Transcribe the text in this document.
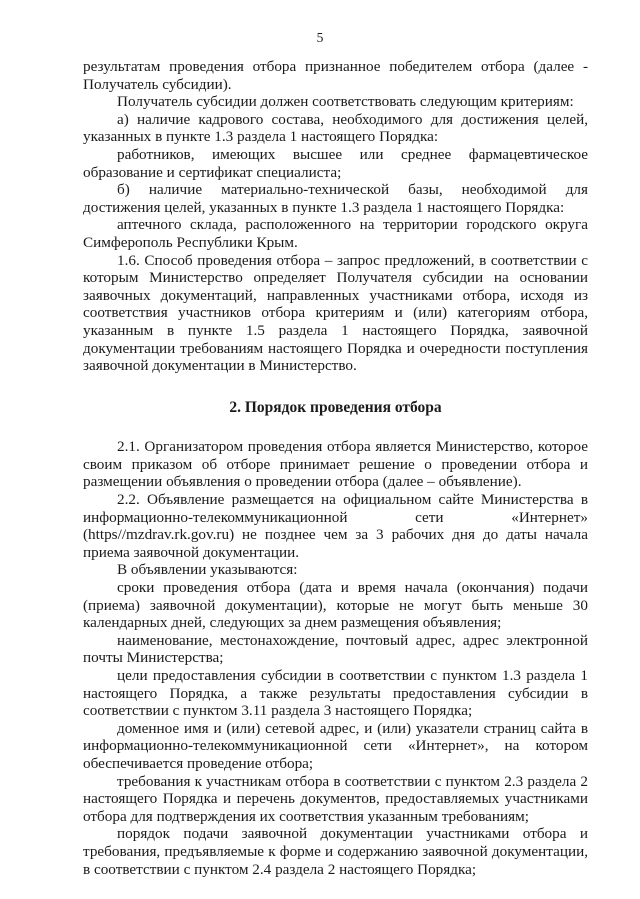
5

результатам проведения отбора признанное победителем отбора (далее - Получатель субсидии).

Получатель субсидии должен соответствовать следующим критериям:

а) наличие кадрового состава, необходимого для достижения целей, указанных в пункте 1.3 раздела 1 настоящего Порядка:

работников, имеющих высшее или среднее фармацевтическое образование и сертификат специалиста;

б) наличие материально-технической базы, необходимой для достижения целей, указанных в пункте 1.3 раздела 1 настоящего Порядка:

аптечного склада, расположенного на территории городского округа Симферополь Республики Крым.

1.6. Способ проведения отбора – запрос предложений, в соответствии с которым Министерство определяет Получателя субсидии на основании заявочных документаций, направленных участниками отбора, исходя из соответствия участников отбора критериям и (или) категориям отбора, указанным в пункте 1.5 раздела 1 настоящего Порядка, заявочной документации требованиям настоящего Порядка и очередности поступления заявочной документации в Министерство.

2. Порядок проведения отбора

2.1. Организатором проведения отбора является Министерство, которое своим приказом об отборе принимает решение о проведении отбора и размещении объявления о проведении отбора (далее – объявление).

2.2. Объявление размещается на официальном сайте Министерства в информационно-телекоммуникационной сети «Интернет» (https//mzdrav.rk.gov.ru) не позднее чем за 3 рабочих дня до даты начала приема заявочной документации.

В объявлении указываются:

сроки проведения отбора (дата и время начала (окончания) подачи (приема) заявочной документации), которые не могут быть меньше 30 календарных дней, следующих за днем размещения объявления;

наименование, местонахождение, почтовый адрес, адрес электронной почты Министерства;

цели предоставления субсидии в соответствии с пунктом 1.3 раздела 1 настоящего Порядка, а также результаты предоставления субсидии в соответствии с пунктом 3.11 раздела 3 настоящего Порядка;

доменное имя и (или) сетевой адрес, и (или) указатели страниц сайта в информационно-телекоммуникационной сети «Интернет», на котором обеспечивается проведение отбора;

требования к участникам отбора в соответствии с пунктом 2.3 раздела 2 настоящего Порядка и перечень документов, предоставляемых участниками отбора для подтверждения их соответствия указанным требованиям;

порядок подачи заявочной документации участниками отбора и требования, предъявляемые к форме и содержанию заявочной документации, в соответствии с пунктом 2.4 раздела 2 настоящего Порядка;
